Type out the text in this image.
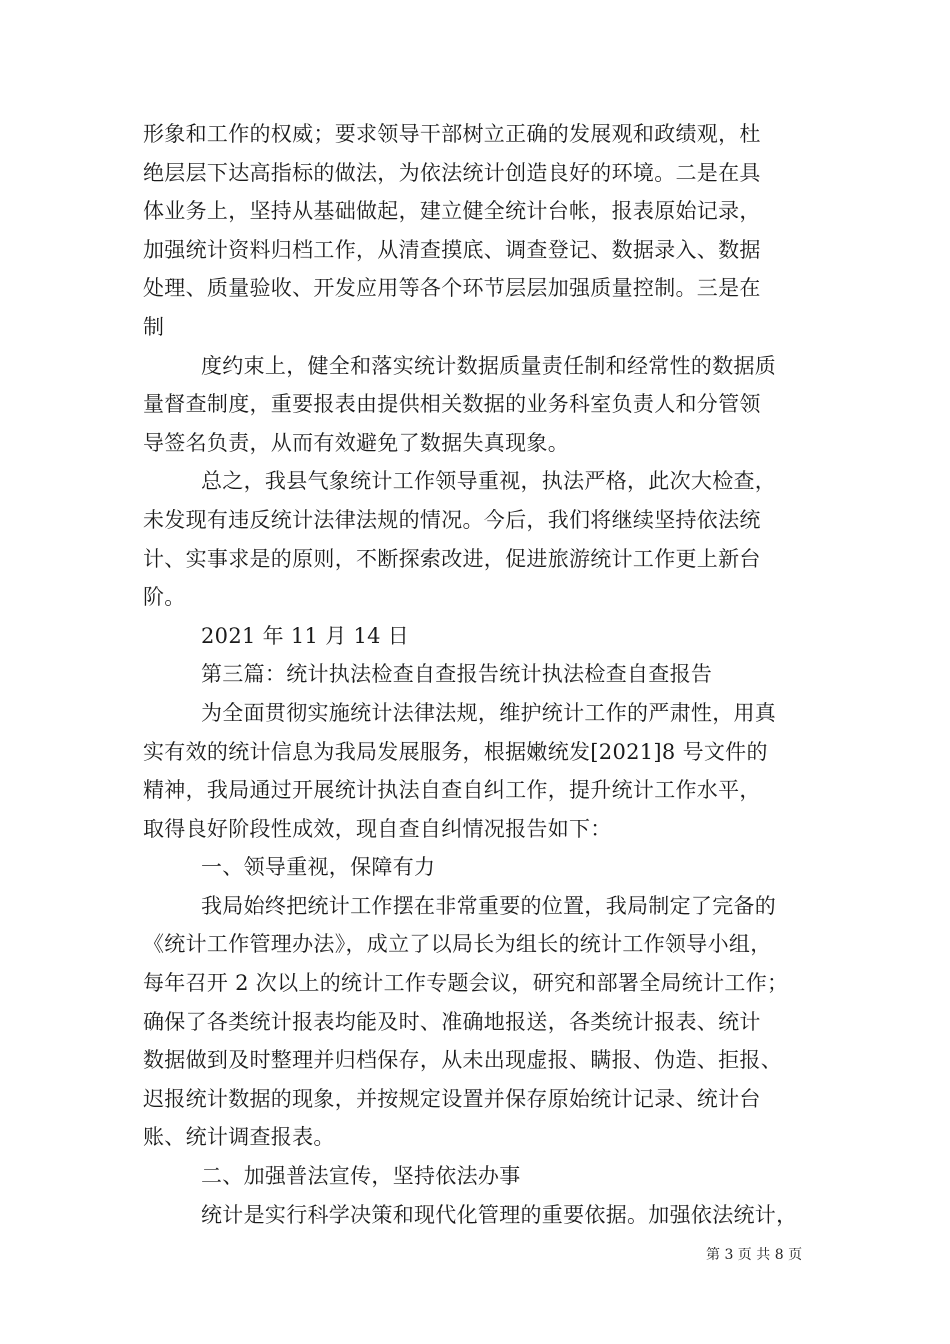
形象和工作的权威；要求领导干部树立正确的发展观和政绩观，杜
绝层层下达高指标的做法，为依法统计创造良好的环境。二是在具
体业务上，坚持从基础做起，建立健全统计台帐，报表原始记录，
加强统计资料归档工作，从清查摸底、调查登记、数据录入、数据
处理、质量验收、开发应用等各个环节层层加强质量控制。三是在
制
度约束上，健全和落实统计数据质量责任制和经常性的数据质
量督查制度，重要报表由提供相关数据的业务科室负责人和分管领
导签名负责，从而有效避免了数据失真现象。
总之，我县气象统计工作领导重视，执法严格，此次大检查，
未发现有违反统计法律法规的情况。今后，我们将继续坚持依法统
计、实事求是的原则，不断探索改进，促进旅游统计工作更上新台
阶。
2021 年 11 月 14 日
第三篇：统计执法检查自查报告统计执法检查自查报告
为全面贯彻实施统计法律法规，维护统计工作的严肃性，用真
实有效的统计信息为我局发展服务，根据嫩统发[2021]8 号文件的
精神，我局通过开展统计执法自查自纠工作，提升统计工作水平，
取得良好阶段性成效，现自查自纠情况报告如下：
一、领导重视，保障有力
我局始终把统计工作摆在非常重要的位置，我局制定了完备的
《统计工作管理办法》，成立了以局长为组长的统计工作领导小组，
每年召开 2 次以上的统计工作专题会议，研究和部署全局统计工作；
确保了各类统计报表均能及时、准确地报送，各类统计报表、统计
数据做到及时整理并归档保存，从未出现虚报、瞒报、伪造、拒报、
迟报统计数据的现象，并按规定设置并保存原始统计记录、统计台
账、统计调查报表。
二、加强普法宣传，坚持依法办事
统计是实行科学决策和现代化管理的重要依据。加强依法统计，
第 3 页 共 8 页
